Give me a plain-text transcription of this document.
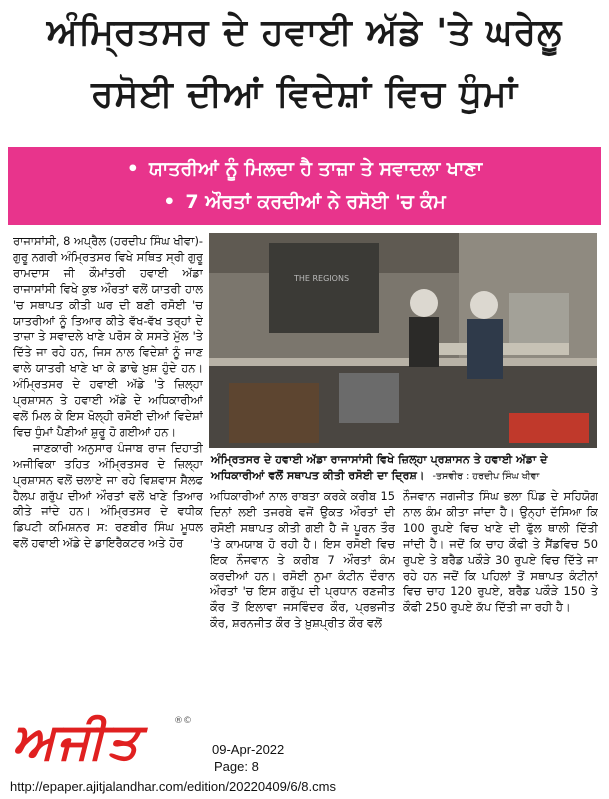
ਅੰਮ੍ਰਿਤਸਰ ਦੇ ਹਵਾਈ ਅੱਡੇ 'ਤੇ ਘਰੇਲੂ
ਰਸੋਈ ਦੀਆਂ ਵਿਦੇਸ਼ਾਂ ਵਿਚ ਧੁੰਮਾਂ
• ਯਾਤਰੀਆਂ ਨੂੰ ਮਿਲਦਾ ਹੈ ਤਾਜ਼ਾ ਤੇ ਸਵਾਦਲਾ ਖਾਣਾ
• 7 ਔਰਤਾਂ ਕਰਦੀਆਂ ਨੇ ਰਸੋਈ 'ਚ ਕੰਮ

ਰਾਜਾਸਾਂਸੀ, 8 ਅਪ੍ਰੈਲ (ਹਰਦੀਪ ਸਿੰਘ ਖੀਵਾ)-ਗੁਰੂ ਨਗਰੀ ਅੰਮ੍ਰਿਤਸਰ ਵਿਖੇ ਸਥਿਤ ਸ੍ਰੀ ਗੁਰੂ ਰਾਮਦਾਸ ਜੀ ਕੌਮਾਂਤਰੀ ਹਵਾਈ ਅੱਡਾ ਰਾਜਾਸਾਂਸੀ ਵਿਖੇ ਕੁਝ ਔਰਤਾਂ ਵਲੋਂ ਯਾਤਰੀ ਹਾਲ 'ਚ ਸਥਾਪਤ ਕੀਤੀ ਘਰ ਦੀ ਬਣੀ ਰਸੋਈ 'ਚ ਯਾਤਰੀਆਂ ਨੂੰ ਤਿਆਰ ਕੀਤੇ ਵੱਖ-ਵੱਖ ਤਰ੍ਹਾਂ ਦੇ ਤਾਜ਼ਾ ਤੇ ਸਵਾਦਲੇ ਖਾਣੇ ਪਰੋਸ ਕੇ ਸਸਤੇ ਮੁੱਲ 'ਤੇ ਦਿੱਤੇ ਜਾ ਰਹੇ ਹਨ, ਜਿਸ ਨਾਲ ਵਿਦੇਸ਼ਾਂ ਨੂੰ ਜਾਣ ਵਾਲੇ ਯਾਤਰੀ ਖਾਣੇ ਖਾ ਕੇ ਡਾਢੇ ਖ਼ੁਸ਼ ਹੁੰਦੇ ਹਨ। ਅੰਮ੍ਰਿਤਸਰ ਦੇ ਹਵਾਈ ਅੱਡੇ 'ਤੇ ਜ਼ਿਲ੍ਹਾ ਪ੍ਰਸ਼ਾਸਨ ਤੇ ਹਵਾਈ ਅੱਡੇ ਦੇ ਅਧਿਕਾਰੀਆਂ ਵਲੋਂ ਮਿਲ ਕੇ ਇਸ ਖੋਲ੍ਹੀ ਰਸੋਈ ਦੀਆਂ ਵਿਦੇਸ਼ਾਂ ਵਿਚ ਧੁੰਮਾਂ ਪੈਣੀਆਂ ਸ਼ੁਰੂ ਹੋ ਗਈਆਂ ਹਨ।

ਜਾਣਕਾਰੀ ਅਨੁਸਾਰ ਪੰਜਾਬ ਰਾਜ ਦਿਹਾਤੀ ਅਜੀਵਿਕਾ ਤਹਿਤ ਅੰਮ੍ਰਿਤਸਰ ਦੇ ਜ਼ਿਲ੍ਹਾ ਪ੍ਰਸ਼ਾਸਨ ਵਲੋਂ ਚਲਾਏ ਜਾ ਰਹੇ ਵਿਸ਼ਵਾਸ ਸੈਲਫ ਹੈਲਪ ਗਰੁੱਪ ਦੀਆਂ ਔਰਤਾਂ ਵਲੋਂ ਖਾਣੇ ਤਿਆਰ ਕੀਤੇ ਜਾਂਦੇ ਹਨ। ਅੰਮ੍ਰਿਤਸਰ ਦੇ ਵਧੀਕ ਡਿਪਟੀ ਕਮਿਸ਼ਨਰ ਸ: ਰਣਬੀਰ ਸਿੰਘ ਮੂਧਲ ਵਲੋਂ ਹਵਾਈ ਅੱਡੇ ਦੇ ਡਾਇਰੈਕਟਰ ਅਤੇ ਹੋਰ

THE REGIONS
ਅੰਮ੍ਰਿਤਸਰ ਦੇ ਹਵਾਈ ਅੱਡਾ ਰਾਜਾਸਾਂਸੀ ਵਿਖੇ ਜ਼ਿਲ੍ਹਾ ਪ੍ਰਸ਼ਾਸਨ ਤੇ ਹਵਾਈ ਅੱਡਾ ਦੇ ਅਧਿਕਾਰੀਆਂ ਵਲੋਂ ਸਥਾਪਤ ਕੀਤੀ ਰਸੋਈ ਦਾ ਦ੍ਰਿਸ਼। -ਤਸਵੀਰ : ਹਰਦੀਪ ਸਿੰਘ ਖੀਵਾ

ਅਧਿਕਾਰੀਆਂ ਨਾਲ ਰਾਬਤਾ ਕਰਕੇ ਕਰੀਬ 15 ਦਿਨਾਂ ਲਈ ਤਜਰਬੇ ਵਜੋਂ ਉਕਤ ਔਰਤਾਂ ਦੀ ਰਸੋਈ ਸਥਾਪਤ ਕੀਤੀ ਗਈ ਹੈ ਜੋ ਪੂਰਨ ਤੌਰ 'ਤੇ ਕਾਮਯਾਬ ਹੋ ਰਹੀ ਹੈ। ਇਸ ਰਸੋਈ ਵਿਚ ਇਕ ਨੌਜਵਾਨ ਤੇ ਕਰੀਬ 7 ਔਰਤਾਂ ਕੰਮ ਕਰਦੀਆਂ ਹਨ। ਰਸੋਈ ਨੁਮਾ ਕੰਟੀਨ ਦੌਰਾਨ ਔਰਤਾਂ 'ਚ ਇਸ ਗਰੁੱਪ ਦੀ ਪ੍ਰਧਾਨ ਰਣਜੀਤ ਕੌਰ ਤੋਂ ਇਲਾਵਾ ਜਸਵਿੰਦਰ ਕੌਰ, ਪ੍ਰਭਜੀਤ ਕੌਰ, ਸ਼ਰਨਜੀਤ ਕੌਰ ਤੇ ਖ਼ੁਸ਼ਪ੍ਰੀਤ ਕੌਰ ਵਲੋਂ

ਨੌਜਵਾਨ ਜਗਜੀਤ ਸਿੰਘ ਭਲਾ ਪਿੰਡ ਦੇ ਸਹਿਯੋਗ ਨਾਲ ਕੰਮ ਕੀਤਾ ਜਾਂਦਾ ਹੈ। ਉਨ੍ਹਾਂ ਦੱਸਿਆ ਕਿ 100 ਰੁਪਏ ਵਿਚ ਖਾਣੇ ਦੀ ਫੁੱਲ ਥਾਲੀ ਦਿੱਤੀ ਜਾਂਦੀ ਹੈ। ਜਦੋਂ ਕਿ ਚਾਹ ਕੌਫੀ ਤੇ ਸੈਂਡਵਿਚ 50 ਰੁਪਏ ਤੇ ਬਰੈਡ ਪਕੌੜੇ 30 ਰੁਪਏ ਵਿਚ ਦਿੱਤੇ ਜਾ ਰਹੇ ਹਨ ਜਦੋਂ ਕਿ ਪਹਿਲਾਂ ਤੋਂ ਸਥਾਪਤ ਕੰਟੀਨਾਂ ਵਿਚ ਚਾਹ 120 ਰੁਪਏ, ਬਰੈਡ ਪਕੌੜੇ 150 ਤੇ ਕੌਫੀ 250 ਰੁਪਏ ਕੱਪ ਦਿੱਤੀ ਜਾ ਰਹੀ ਹੈ।

ਅਜੀਤ	®©
09-Apr-2022
Page: 8
http://epaper.ajitjalandhar.com/edition/20220409/6/8.cms
